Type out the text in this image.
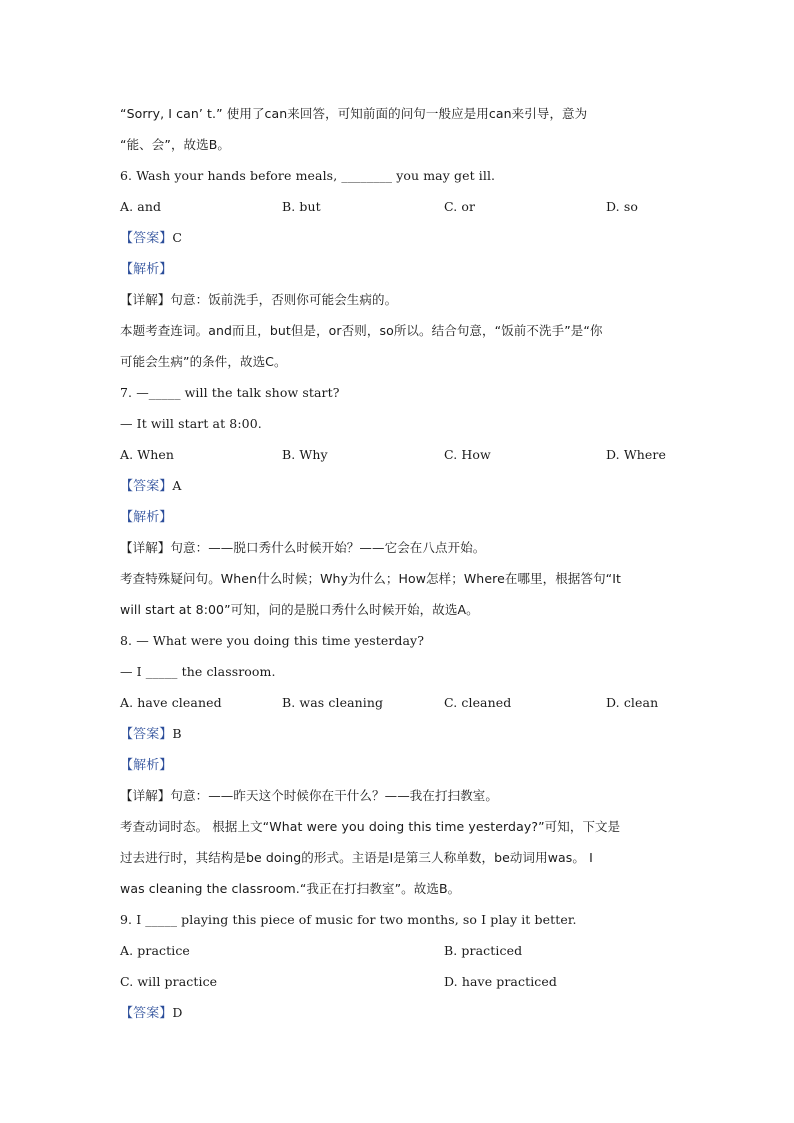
“Sorry, I can’ t.” 使用了can来回答，可知前面的问句一般应是用can来引导，意为
“能、会”，故选B。
6. Wash your hands before meals, ________ you may get ill.
A. and	B. but	C. or	D. so
【答案】C
【解析】
【详解】句意：饭前洗手，否则你可能会生病的。
本题考查连词。and而且，but但是，or否则，so所以。结合句意，“饭前不洗手”是“你
可能会生病”的条件，故选C。
7. —_____ will the talk show start?
— It will start at 8:00.
A. When	B. Why	C. How	D. Where
【答案】A
【解析】
【详解】句意：——脱口秀什么时候开始？——它会在八点开始。
考查特殊疑问句。When什么时候；Why为什么；How怎样；Where在哪里，根据答句“It
will start at 8:00”可知，问的是脱口秀什么时候开始，故选A。
8. — What were you doing this time yesterday?
— I _____ the classroom.
A. have cleaned	B. was cleaning	C. cleaned	D. clean
【答案】B
【解析】
【详解】句意：——昨天这个时候你在干什么？——我在打扫教室。
考查动词时态。 根据上文“What were you doing this time yesterday?”可知，下文是
过去进行时，其结构是be doing的形式。主语是I是第三人称单数，be动词用was。 I
was cleaning the classroom.“我正在打扫教室”。故选B。
9. I _____ playing this piece of music for two months, so I play it better.
A. practice	B. practiced
C. will practice	D. have practiced
【答案】D
